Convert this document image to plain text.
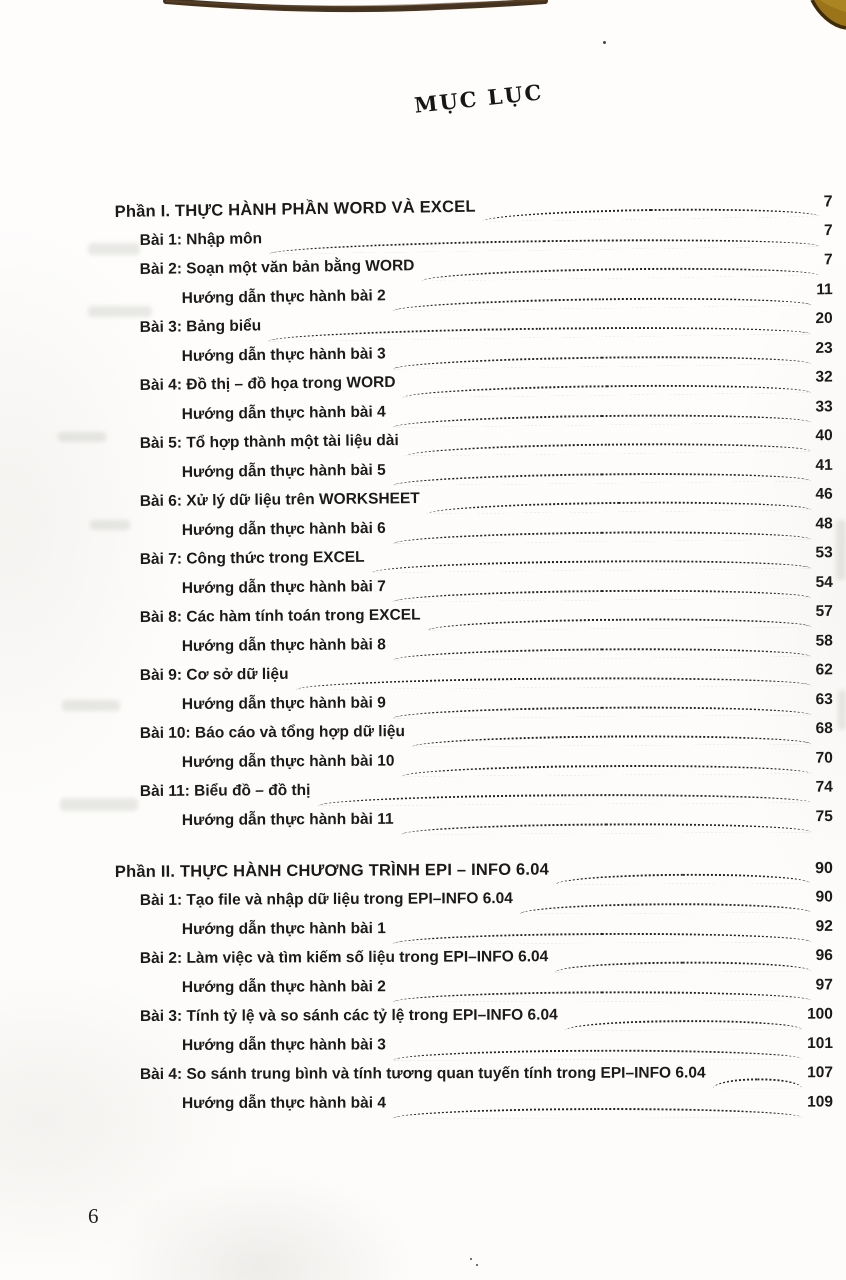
MỤC LỤC
Phần I. THỰC HÀNH PHẦN WORD VÀ EXCEL	7
Bài 1: Nhập môn	7
Bài 2: Soạn một văn bản bằng WORD	7
Hướng dẫn thực hành bài 2	11
Bài 3: Bảng biểu	20
Hướng dẫn thực hành bài 3	23
Bài 4: Đồ thị – đồ họa trong WORD	32
Hướng dẫn thực hành bài 4	33
Bài 5: Tổ hợp thành một tài liệu dài	40
Hướng dẫn thực hành bài 5	41
Bài 6: Xử lý dữ liệu trên WORKSHEET	46
Hướng dẫn thực hành bài 6	48
Bài 7: Công thức trong EXCEL	53
Hướng dẫn thực hành bài 7	54
Bài 8: Các hàm tính toán trong EXCEL	57
Hướng dẫn thực hành bài 8	58
Bài 9: Cơ sở dữ liệu	62
Hướng dẫn thực hành bài 9	63
Bài 10: Báo cáo và tổng hợp dữ liệu	68
Hướng dẫn thực hành bài 10	70
Bài 11: Biểu đồ – đồ thị	74
Hướng dẫn thực hành bài 11	75
Phần II. THỰC HÀNH CHƯƠNG TRÌNH EPI – INFO 6.04	90
Bài 1: Tạo file và nhập dữ liệu trong EPI–INFO 6.04	90
Hướng dẫn thực hành bài 1	92
Bài 2: Làm việc và tìm kiếm số liệu trong EPI–INFO 6.04	96
Hướng dẫn thực hành bài 2	97
Bài 3: Tính tỷ lệ và so sánh các tỷ lệ trong EPI–INFO 6.04	100
Hướng dẫn thực hành bài 3	101
Bài 4: So sánh trung bình và tính tương quan tuyến tính trong EPI–INFO 6.04	107
Hướng dẫn thực hành bài 4	109
6
